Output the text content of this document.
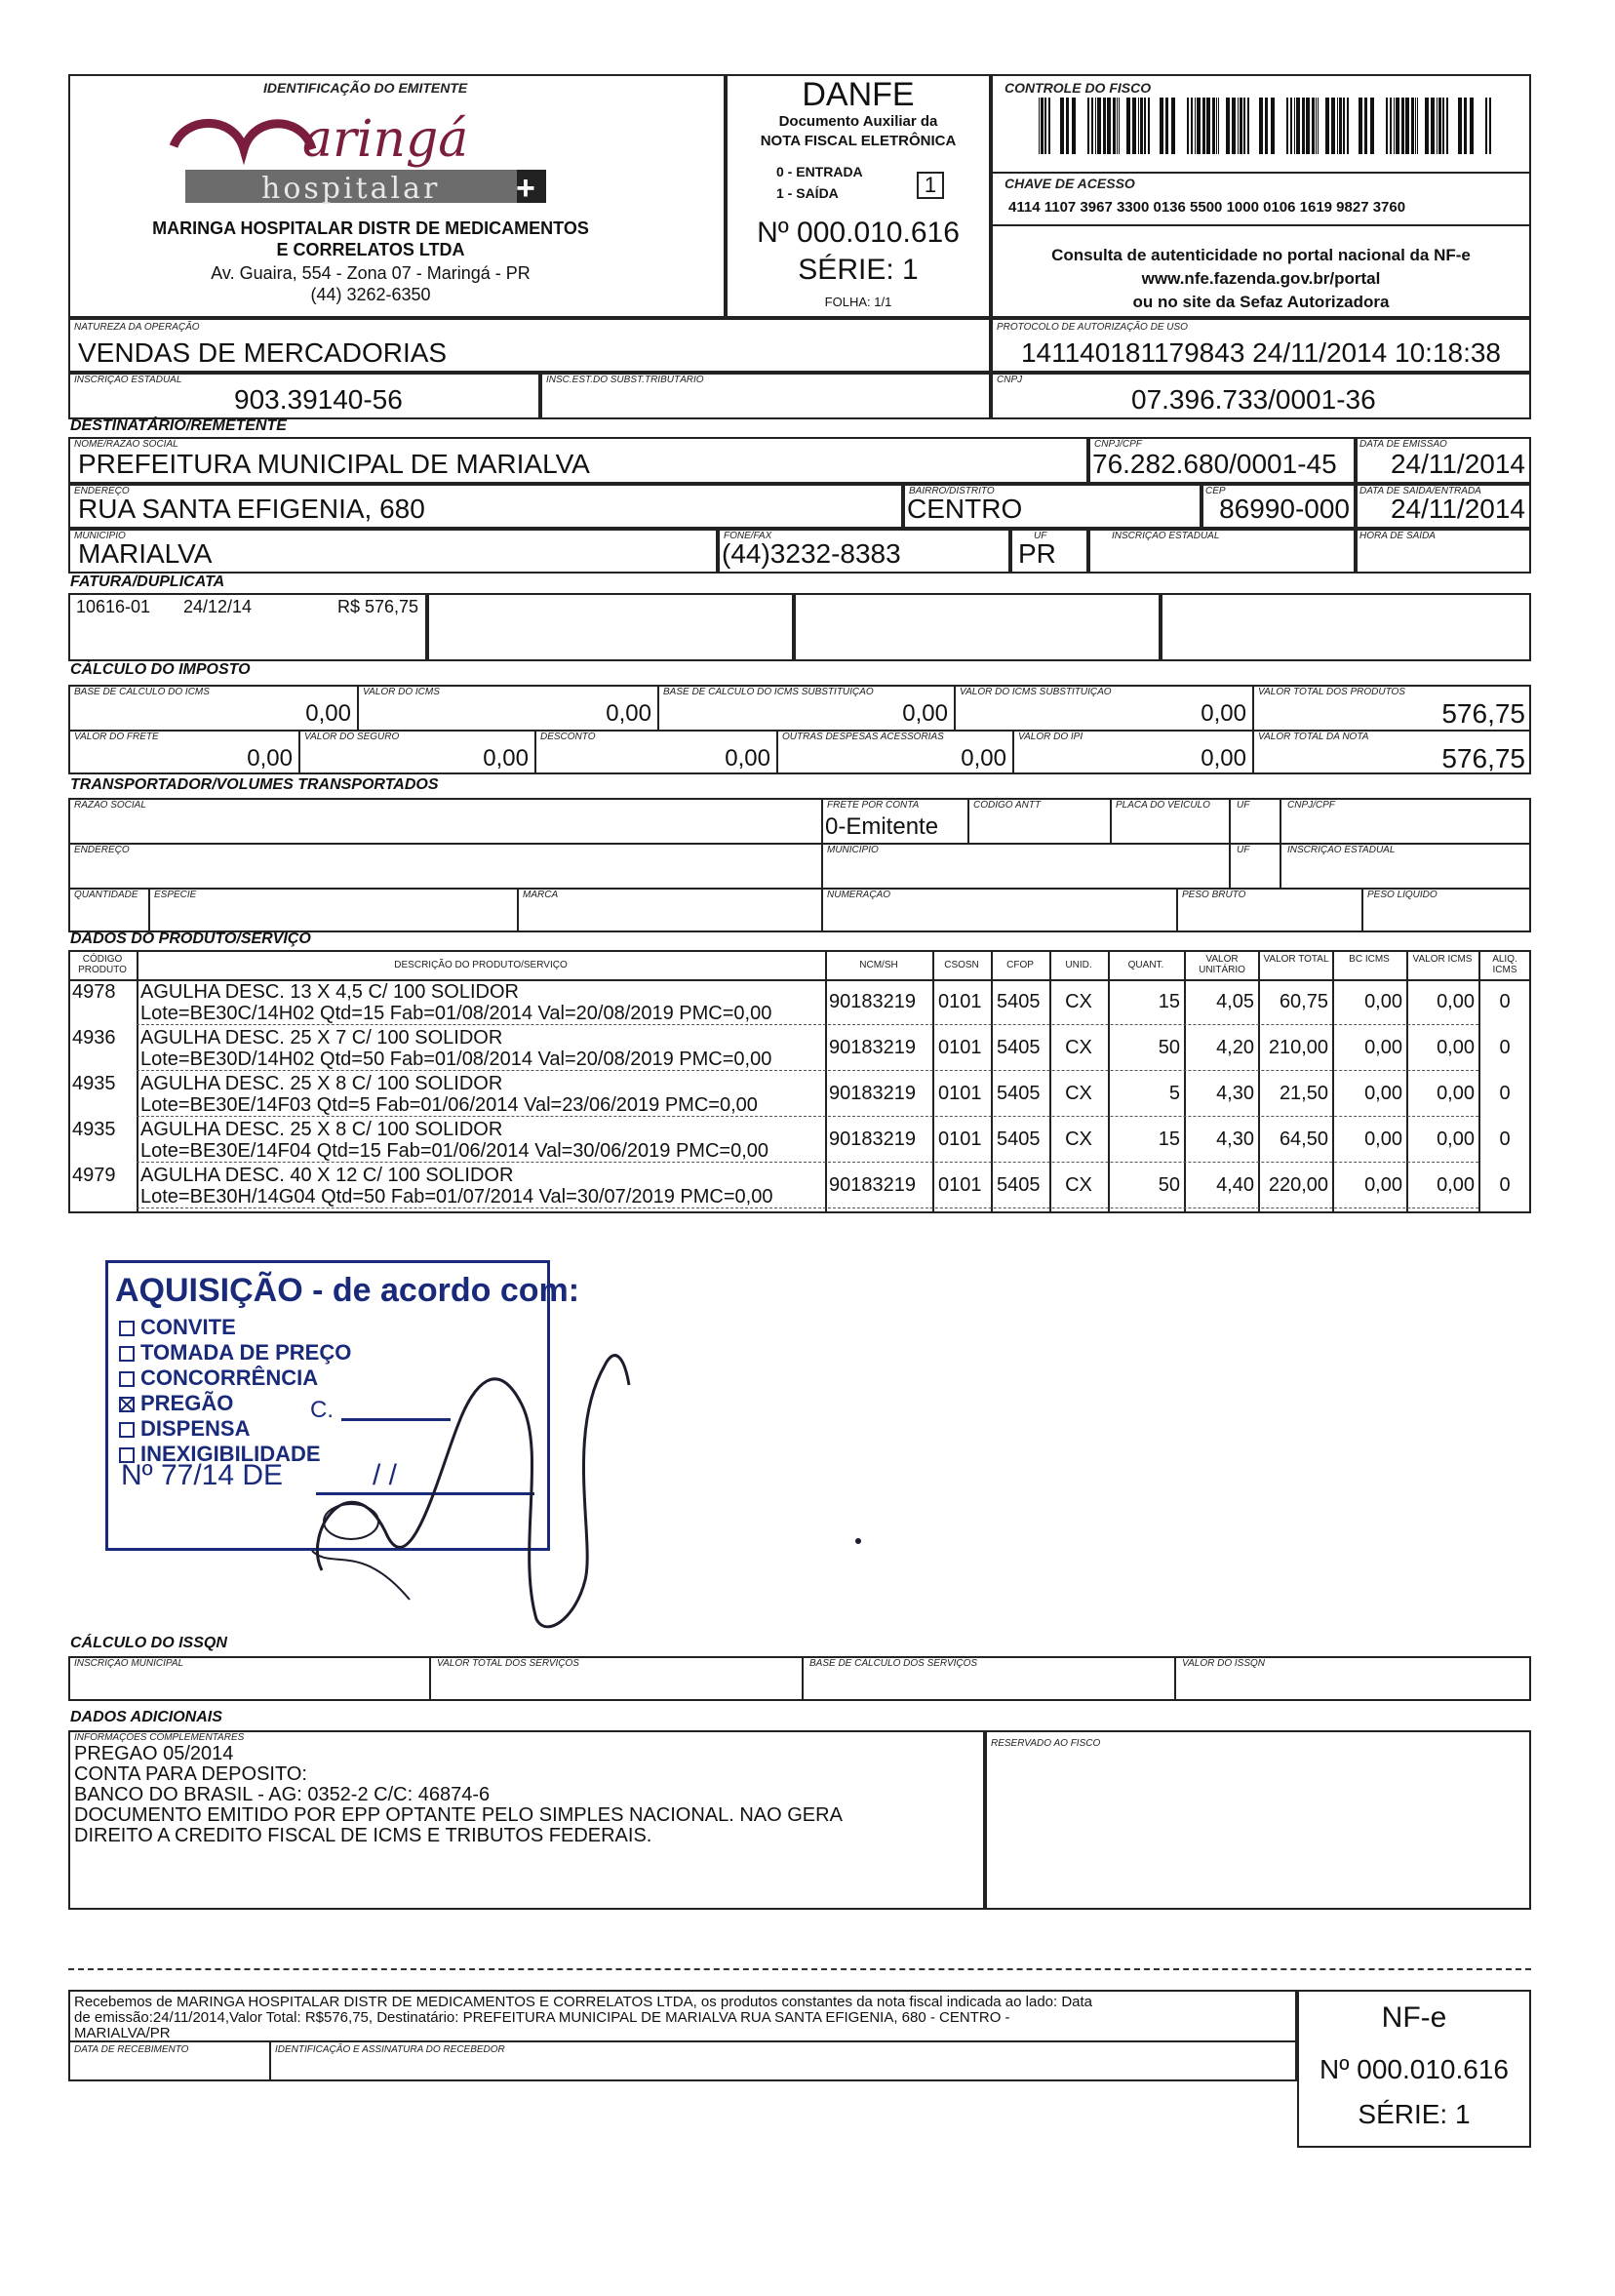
IDENTIFICAÇÃO DO EMITENTE
aringá
hospitalar +
MARINGA HOSPITALAR DISTR DE MEDICAMENTOS
E CORRELATOS LTDA
Av. Guaira, 554 - Zona 07 - Maringá - PR
(44) 3262-6350
DANFE
Documento Auxiliar da
NOTA FISCAL ELETRÔNICA
0 - ENTRADA
1 - SAÍDA	1
Nº 000.010.616
SÉRIE: 1
FOLHA: 1/1
CONTROLE DO FISCO
CHAVE DE ACESSO
4114 1107 3967 3300 0136 5500 1000 0106 1619 9827 3760
Consulta de autenticidade no portal nacional da NF-e
www.nfe.fazenda.gov.br/portal
ou no site da Sefaz Autorizadora
NATUREZA DA OPERAÇÃO
VENDAS DE MERCADORIAS
PROTOCOLO DE AUTORIZAÇÃO DE USO
141140181179843 24/11/2014 10:18:38
INSCRIÇÃO ESTADUAL
903.39140-56
INSC.EST.DO SUBST.TRIBUTÁRIO	CNPJ
07.396.733/0001-36
DESTINATÁRIO/REMETENTE
NOME/RAZÃO SOCIAL
PREFEITURA MUNICIPAL DE MARIALVA
CNPJ/CPF
76.282.680/0001-45
DATA DE EMISSÃO
24/11/2014
ENDEREÇO
RUA SANTA EFIGENIA, 680
BAIRRO/DISTRITO
CENTRO
CEP
86990-000
DATA DE SAÍDA/ENTRADA
24/11/2014
MUNICÍPIO
MARIALVA
FONE/FAX
(44)3232-8383
UF
PR
INSCRIÇÃO ESTADUAL	HORA DE SAÍDA
FATURA/DUPLICATA
10616-01 24/12/14	R$ 576,75
CÁLCULO DO IMPOSTO
BASE DE CÁLCULO DO ICMS
0,00
VALOR DO ICMS
0,00
BASE DE CÁLCULO DO ICMS SUBSTITUIÇÃO
0,00
VALOR DO ICMS SUBSTITUIÇÃO
0,00
VALOR TOTAL DOS PRODUTOS
576,75
VALOR DO FRETE
0,00
VALOR DO SEGURO
0,00
DESCONTO
0,00
OUTRAS DESPESAS ACESSÓRIAS
0,00
VALOR DO IPI
0,00
VALOR TOTAL DA NOTA
576,75
TRANSPORTADOR/VOLUMES TRANSPORTADOS
RAZÃO SOCIAL	FRETE POR CONTA
0-Emitente
CÓDIGO ANTT	PLACA DO VEÍCULO	UF	CNPJ/CPF
ENDEREÇO	MUNICÍPIO	UF	INSCRIÇÃO ESTADUAL
QUANTIDADE ESPÉCIE	MARCA	NUMERAÇÃO	PESO BRUTO	PESO LÍQUIDO
DADOS DO PRODUTO/SERVIÇO
CÓDIGO PRODUTO	DESCRIÇÃO DO PRODUTO/SERVIÇO	NCM/SH	CSOSN	CFOP	UNID.	QUANT.
VALOR UNITÁRIO
VALOR TOTAL	BC ICMS	VALOR ICMS	ALIQ. ICMS
4978 AGULHA DESC. 13 X 4,5 C/ 100 SOLIDOR
Lote=BE30C/14H02 Qtd=15 Fab=01/08/2014 Val=20/08/2019 PMC=0,00
90183219 0101 5405	CX	15	4,05	60,75	0,00	0,00	0
4936 AGULHA DESC. 25 X 7 C/ 100 SOLIDOR
Lote=BE30D/14H02 Qtd=50 Fab=01/08/2014 Val=20/08/2019 PMC=0,00
90183219 0101 5405	CX	50	4,20 210,00	0,00	0,00	0
4935 AGULHA DESC. 25 X 8 C/ 100 SOLIDOR
Lote=BE30E/14F03 Qtd=5 Fab=01/06/2014 Val=23/06/2019 PMC=0,00
90183219 0101 5405	CX	5	4,30	21,50	0,00	0,00	0
4935 AGULHA DESC. 25 X 8 C/ 100 SOLIDOR
Lote=BE30E/14F04 Qtd=15 Fab=01/06/2014 Val=30/06/2019 PMC=0,00
90183219 0101 5405	CX	15	4,30	64,50	0,00	0,00	0
4979 AGULHA DESC. 40 X 12 C/ 100 SOLIDOR
Lote=BE30H/14G04 Qtd=50 Fab=01/07/2014 Val=30/07/2019 PMC=0,00
90183219 0101 5405	CX	50	4,40 220,00	0,00	0,00	0
AQUISIÇÃO - de acordo com:
CONVITE
TOMADA DE PREÇO
CONCORRÊNCIA
PREGÃO
DISPENSA
INEXIGIBILIDADE
C.
Nº 77/14 DE	/ /
CÁLCULO DO ISSQN
INSCRIÇÃO MUNICIPAL	VALOR TOTAL DOS SERVIÇOS	BASE DE CÁLCULO DOS SERVIÇOS	VALOR DO ISSQN
DADOS ADICIONAIS
INFORMAÇÕES COMPLEMENTARES
RESERVADO AO FISCO
PREGAO 05/2014
CONTA PARA DEPOSITO:
BANCO DO BRASIL - AG: 0352-2 C/C: 46874-6
DOCUMENTO EMITIDO POR EPP OPTANTE PELO SIMPLES NACIONAL. NAO GERA
DIREITO A CREDITO FISCAL DE ICMS E TRIBUTOS FEDERAIS.
Recebemos de MARINGA HOSPITALAR DISTR DE MEDICAMENTOS E CORRELATOS LTDA, os produtos constantes da nota fiscal indicada ao lado: Data
de emissão:24/11/2014,Valor Total: R$576,75, Destinatário: PREFEITURA MUNICIPAL DE MARIALVA RUA SANTA EFIGENIA, 680 - CENTRO -
MARIALVA/PR
DATA DE RECEBIMENTO	IDENTIFICAÇÃO E ASSINATURA DO RECEBEDOR
NF-e
Nº 000.010.616
SÉRIE: 1
